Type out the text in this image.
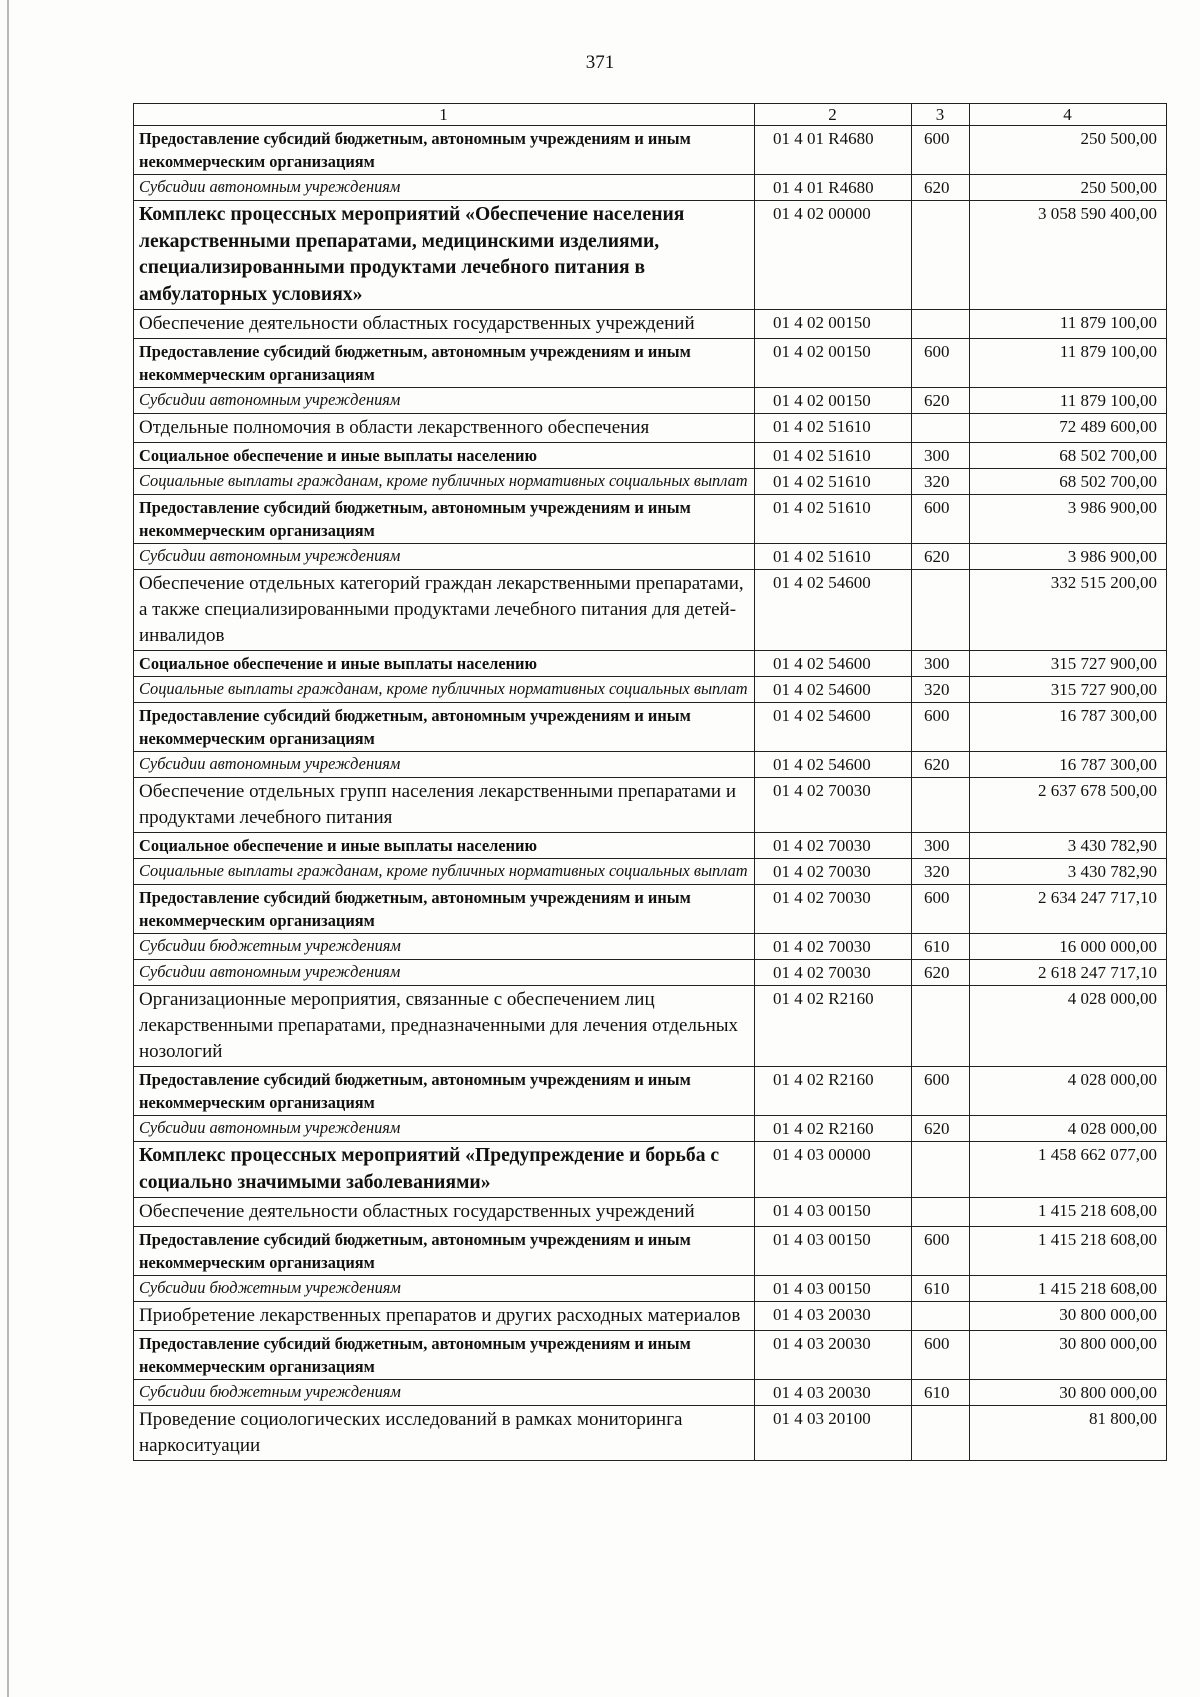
371
1	2	3	4
Предоставление субсидий бюджетным, автономным учреждениям и иным некоммерческим организациям	01 4 01 R4680	600	250 500,00
Субсидии автономным учреждениям	01 4 01 R4680	620	250 500,00
Комплекс процессных мероприятий «Обеспечение населения лекарственными препаратами, медицинскими изделиями, специализированными продуктами лечебного питания в амбулаторных условиях»	01 4 02 00000		3 058 590 400,00
Обеспечение деятельности областных государственных учреждений	01 4 02 00150		11 879 100,00
Предоставление субсидий бюджетным, автономным учреждениям и иным некоммерческим организациям	01 4 02 00150	600	11 879 100,00
Субсидии автономным учреждениям	01 4 02 00150	620	11 879 100,00
Отдельные полномочия в области лекарственного обеспечения	01 4 02 51610		72 489 600,00
Социальное обеспечение и иные выплаты населению	01 4 02 51610	300	68 502 700,00
Социальные выплаты гражданам, кроме публичных нормативных социальных выплат	01 4 02 51610	320	68 502 700,00
Предоставление субсидий бюджетным, автономным учреждениям и иным некоммерческим организациям	01 4 02 51610	600	3 986 900,00
Субсидии автономным учреждениям	01 4 02 51610	620	3 986 900,00
Обеспечение отдельных категорий граждан лекарственными препаратами, а также специализированными продуктами лечебного питания для детей-инвалидов	01 4 02 54600		332 515 200,00
Социальное обеспечение и иные выплаты населению	01 4 02 54600	300	315 727 900,00
Социальные выплаты гражданам, кроме публичных нормативных социальных выплат	01 4 02 54600	320	315 727 900,00
Предоставление субсидий бюджетным, автономным учреждениям и иным некоммерческим организациям	01 4 02 54600	600	16 787 300,00
Субсидии автономным учреждениям	01 4 02 54600	620	16 787 300,00
Обеспечение отдельных групп населения лекарственными препаратами и продуктами лечебного питания	01 4 02 70030		2 637 678 500,00
Социальное обеспечение и иные выплаты населению	01 4 02 70030	300	3 430 782,90
Социальные выплаты гражданам, кроме публичных нормативных социальных выплат	01 4 02 70030	320	3 430 782,90
Предоставление субсидий бюджетным, автономным учреждениям и иным некоммерческим организациям	01 4 02 70030	600	2 634 247 717,10
Субсидии бюджетным учреждениям	01 4 02 70030	610	16 000 000,00
Субсидии автономным учреждениям	01 4 02 70030	620	2 618 247 717,10
Организационные мероприятия, связанные с обеспечением лиц лекарственными препаратами, предназначенными для лечения отдельных нозологий	01 4 02 R2160		4 028 000,00
Предоставление субсидий бюджетным, автономным учреждениям и иным некоммерческим организациям	01 4 02 R2160	600	4 028 000,00
Субсидии автономным учреждениям	01 4 02 R2160	620	4 028 000,00
Комплекс процессных мероприятий «Предупреждение и борьба с социально значимыми заболеваниями»	01 4 03 00000		1 458 662 077,00
Обеспечение деятельности областных государственных учреждений	01 4 03 00150		1 415 218 608,00
Предоставление субсидий бюджетным, автономным учреждениям и иным некоммерческим организациям	01 4 03 00150	600	1 415 218 608,00
Субсидии бюджетным учреждениям	01 4 03 00150	610	1 415 218 608,00
Приобретение лекарственных препаратов и других расходных материалов	01 4 03 20030		30 800 000,00
Предоставление субсидий бюджетным, автономным учреждениям и иным некоммерческим организациям	01 4 03 20030	600	30 800 000,00
Субсидии бюджетным учреждениям	01 4 03 20030	610	30 800 000,00
Проведение социологических исследований в рамках мониторинга наркоситуации	01 4 03 20100		81 800,00
